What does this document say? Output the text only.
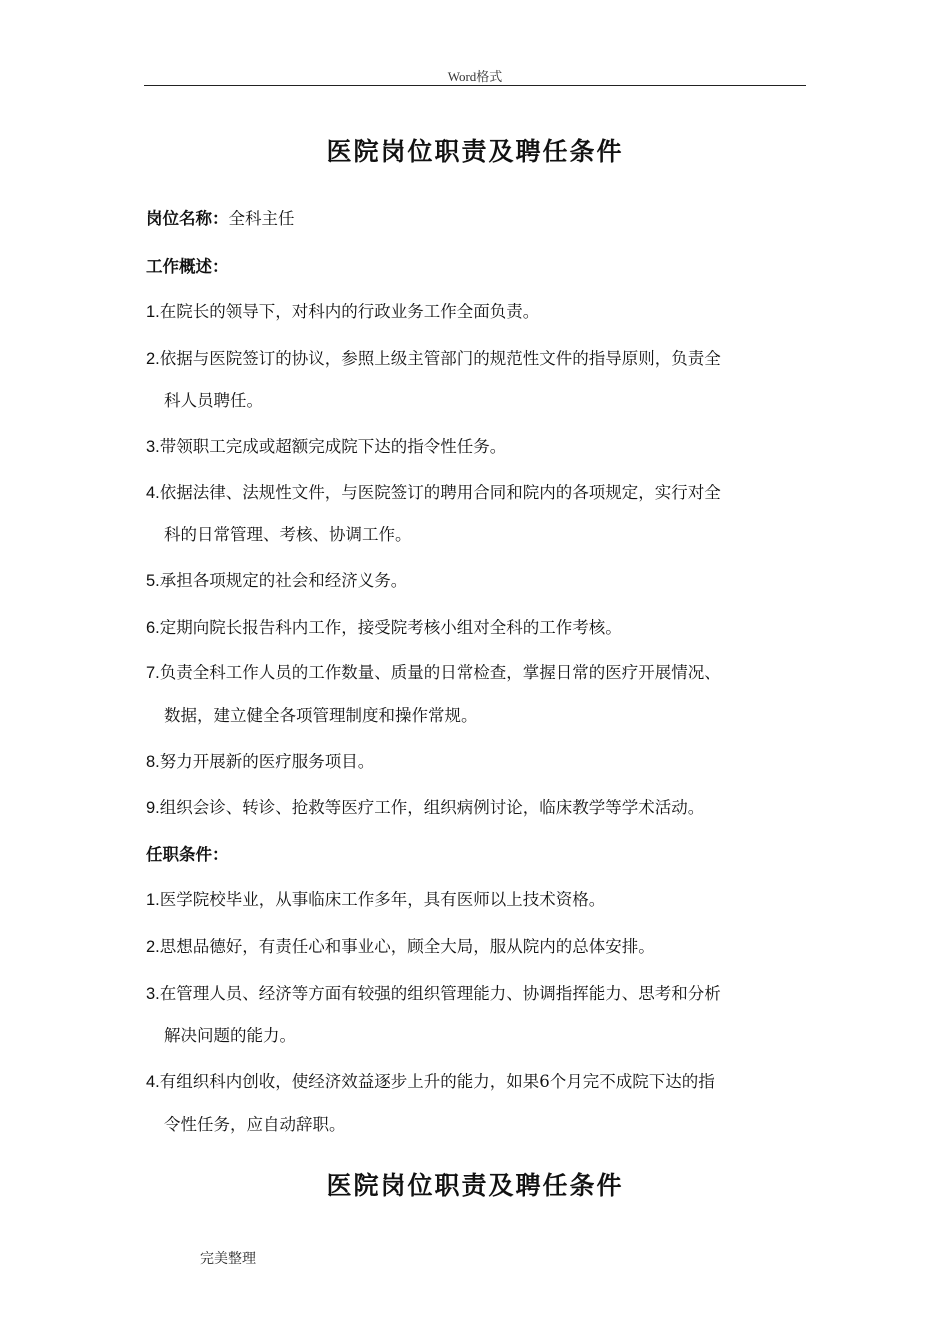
Word格式
医院岗位职责及聘任条件
岗位名称：全科主任
工作概述：
1.在院长的领导下，对科内的行政业务工作全面负责。
2.依据与医院签订的协议，参照上级主管部门的规范性文件的指导原则，负责全
科人员聘任。
3.带领职工完成或超额完成院下达的指令性任务。
4.依据法律、法规性文件，与医院签订的聘用合同和院内的各项规定，实行对全
科的日常管理、考核、协调工作。
5.承担各项规定的社会和经济义务。
6.定期向院长报告科内工作，接受院考核小组对全科的工作考核。
7.负责全科工作人员的工作数量、质量的日常检查，掌握日常的医疗开展情况、
数据，建立健全各项管理制度和操作常规。
8.努力开展新的医疗服务项目。
9.组织会诊、转诊、抢救等医疗工作，组织病例讨论，临床教学等学术活动。
任职条件：
1.医学院校毕业，从事临床工作多年，具有医师以上技术资格。
2.思想品德好，有责任心和事业心，顾全大局，服从院内的总体安排。
3.在管理人员、经济等方面有较强的组织管理能力、协调指挥能力、思考和分析
解决问题的能力。
4.有组织科内创收，使经济效益逐步上升的能力，如果6个月完不成院下达的指
令性任务，应自动辞职。
医院岗位职责及聘任条件
完美整理
